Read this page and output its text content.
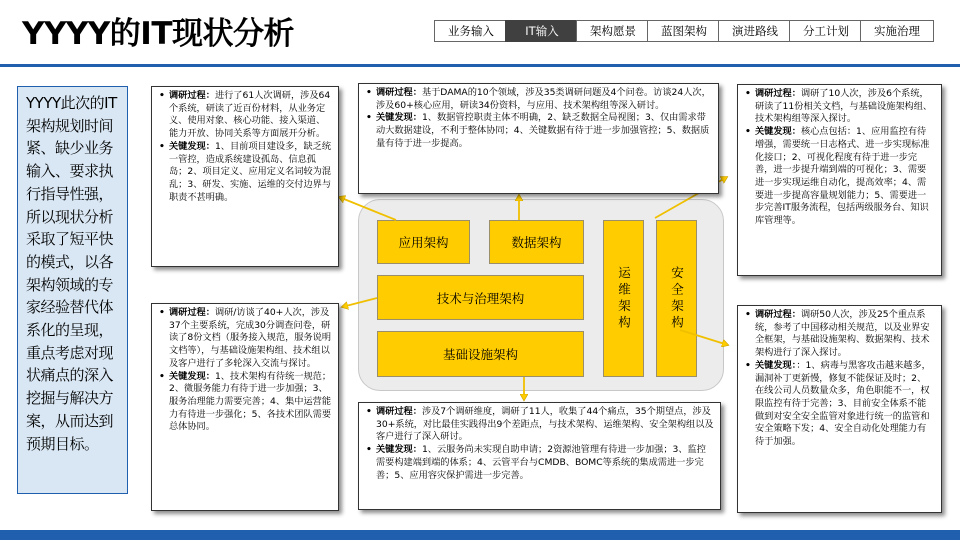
YYYY的IT现状分析	业务输入	IT输入	架构愿景	蓝图架构	演进路线	分工计划	实施治理
YYYY此次的IT架构规划时间紧、缺少业务输入、要求执行指导性强，所以现状分析采取了短平快的模式，以各架构领域的专家经验替代体系化的呈现，重点考虑对现状痛点的深入挖掘与解决方案，从而达到预期目标。
应用架构	数据架构
技术与治理架构
基础设施架构
运维架构	安全架构
• 调研过程：进行了61人次调研，涉及64个系统，研读了近百份材料，从业务定义、使用对象、核心功能、接入渠道、能力开放、协同关系等方面展开分析。
• 关键发现：1、目前项目建设多，缺乏统一管控，造成系统建设孤岛、信息孤岛；2、项目定义、应用定义名词较为混乱；3、研发、实施、运维的交付边界与职责不甚明确。
• 调研过程：基于DAMA的10个领域，涉及35类调研问题及4个问卷。访谈24人次，涉及60+核心应用，研读34份资料，与应用、技术架构组等深入研讨。
• 关键发现：1、数据管控职责主体不明确，2、缺乏数据全局视图；3、仅由需求带动大数据建设，不利于整体协同；4、关键数据有待于进一步加强管控；5、数据质量有待于进一步提高。
• 调研过程：调研了10人次，涉及6个系统，研读了11份相关文档，与基础设施架构组、技术架构组等深入探讨。
• 关键发现：核心点包括：1、应用监控有待增强，需要统一日志格式、进一步实现标准化接口；2、可视化程度有待于进一步完善，进一步提升端到端的可视化；3、需要进一步实现运维自动化，提高效率；4、需要进一步提高容量规划能力；5、需要进一步完善IT服务流程，包括两级服务台、知识库管理等。
• 调研过程：调研/访谈了40+人次，涉及37个主要系统，完成30分调查问卷，研读了8份文档（服务接入规范，服务说明文档等），与基础设施架构组、技术组以及客户进行了多轮深入交流与探讨。
• 关键发现：1、技术架构有待统一规范；2、微服务能力有待于进一步加强；3、服务治理能力需要完善；4、集中运营能力有待进一步强化；5、各技术团队需要总体协同。
• 调研过程：涉及7个调研维度，调研了11人，收集了44个痛点，35个期望点，涉及30+系统，对比最佳实践得出9个差距点，与技术架构、运维架构、安全架构组以及客户进行了深入研讨。
• 关键发现：1、云服务尚未实现自助申请；2资源池管理有待进一步加强；3、监控需要构建端到端的体系；4、云管平台与CMDB、BOMC等系统的集成需进一步完善；5、应用容灾保护需进一步完善。
• 调研过程：调研50人次，涉及25个重点系统，参考了中国移动相关规范，以及业界安全框架，与基础设施架构、数据架构、技术架构进行了深入探讨。
• 关键发现：：1、病毒与黑客攻击越来越多，漏洞补丁更新慢，修复不能保证及时；2、在线公司人员数量众多，角色职能不一，权限监控有待于完善；3、目前安全体系不能做到对安全安全监管对象进行统一的监管和安全策略下发；4、安全自动化处理能力有待于加强。
